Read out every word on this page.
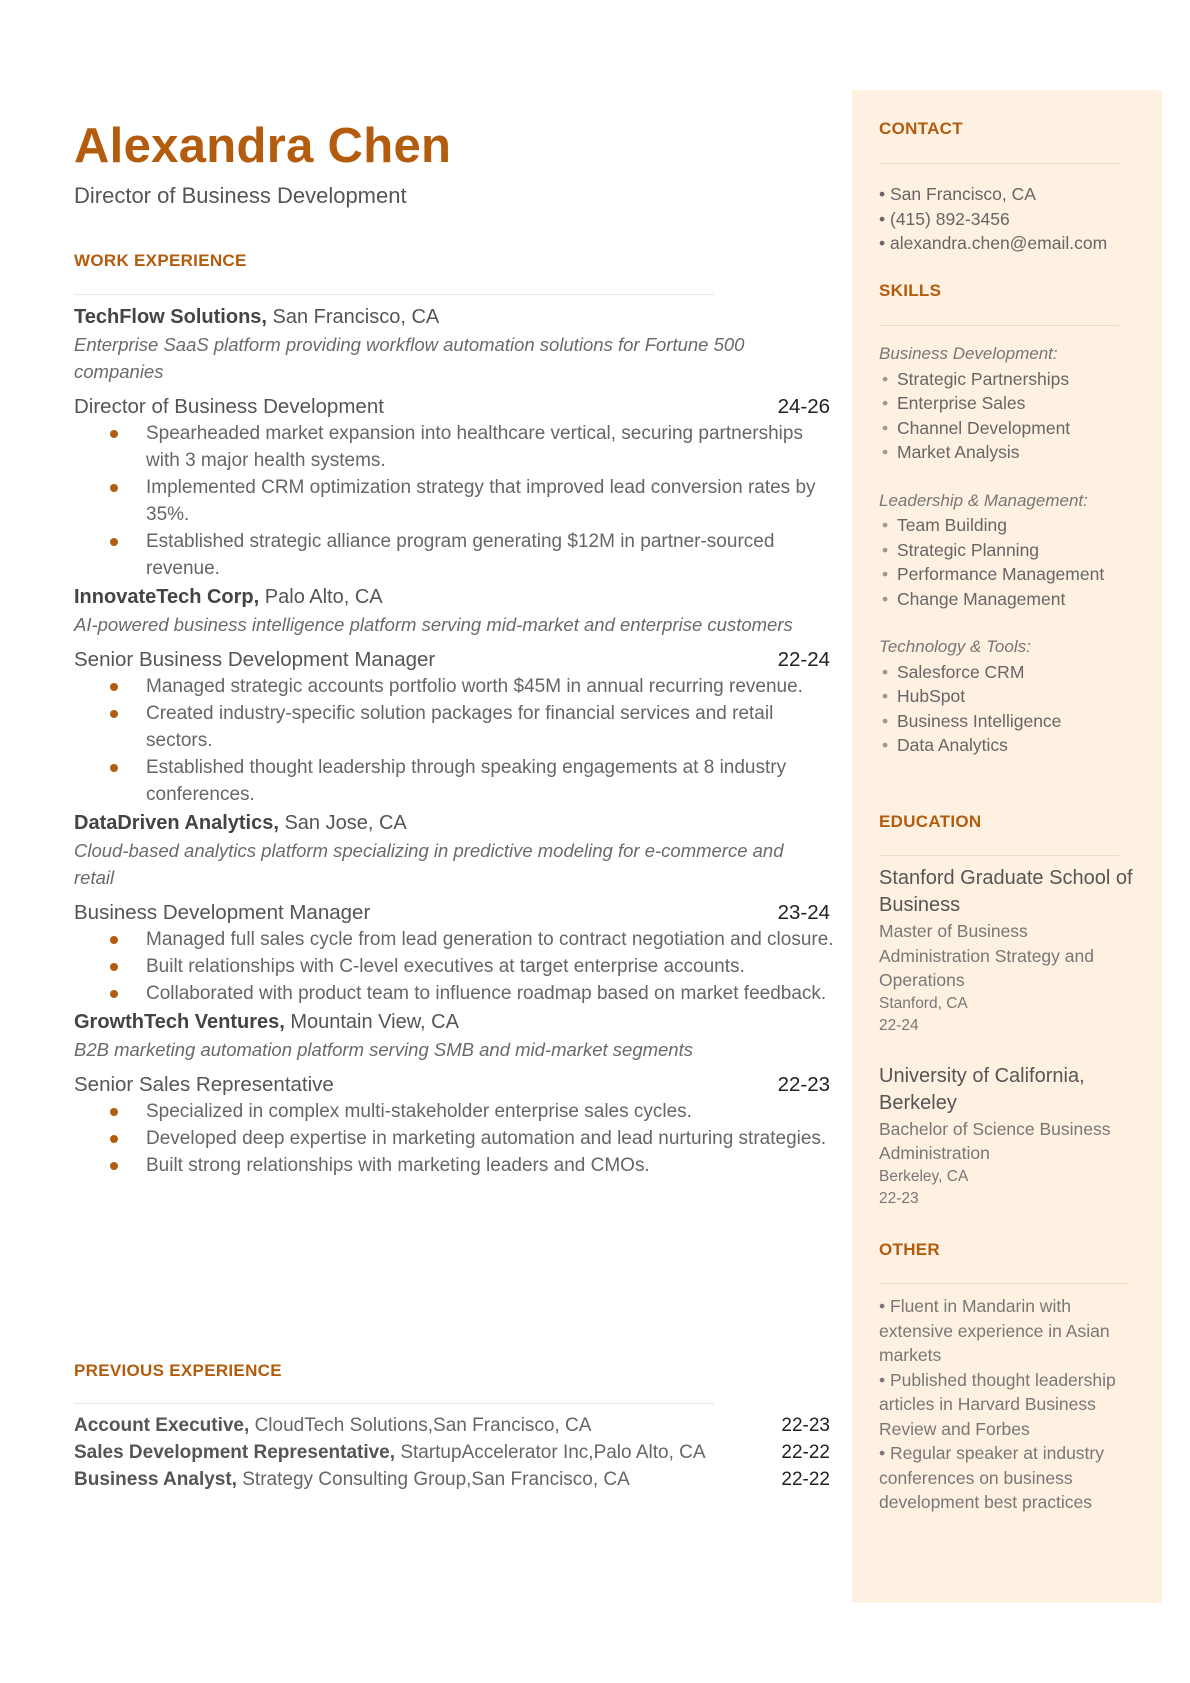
Alexandra Chen
Director of Business Development
WORK EXPERIENCE
TechFlow Solutions, San Francisco, CA
Enterprise SaaS platform providing workflow automation solutions for Fortune 500 companies
Director of Business Development	24-26
Spearheaded market expansion into healthcare vertical, securing partnerships with 3 major health systems.
Implemented CRM optimization strategy that improved lead conversion rates by 35%.
Established strategic alliance program generating $12M in partner-sourced revenue.
InnovateTech Corp, Palo Alto, CA
AI-powered business intelligence platform serving mid-market and enterprise customers
Senior Business Development Manager	22-24
Managed strategic accounts portfolio worth $45M in annual recurring revenue.
Created industry-specific solution packages for financial services and retail sectors.
Established thought leadership through speaking engagements at 8 industry conferences.
DataDriven Analytics, San Jose, CA
Cloud-based analytics platform specializing in predictive modeling for e-commerce and retail
Business Development Manager	23-24
Managed full sales cycle from lead generation to contract negotiation and closure.
Built relationships with C-level executives at target enterprise accounts.
Collaborated with product team to influence roadmap based on market feedback.
GrowthTech Ventures, Mountain View, CA
B2B marketing automation platform serving SMB and mid-market segments
Senior Sales Representative	22-23
Specialized in complex multi-stakeholder enterprise sales cycles.
Developed deep expertise in marketing automation and lead nurturing strategies.
Built strong relationships with marketing leaders and CMOs.
PREVIOUS EXPERIENCE
Account Executive, CloudTech Solutions,San Francisco, CA	22-23
Sales Development Representative, StartupAccelerator Inc,Palo Alto, CA	22-22
Business Analyst, Strategy Consulting Group,San Francisco, CA	22-22
CONTACT
• San Francisco, CA
• (415) 892-3456
• alexandra.chen@email.com
SKILLS
Business Development:
• Strategic Partnerships
• Enterprise Sales
• Channel Development
• Market Analysis
Leadership & Management:
• Team Building
• Strategic Planning
• Performance Management
• Change Management
Technology & Tools:
• Salesforce CRM
• HubSpot
• Business Intelligence
• Data Analytics
EDUCATION
Stanford Graduate School of Business
Master of Business Administration Strategy and Operations
Stanford, CA
22-24
University of California, Berkeley
Bachelor of Science Business Administration
Berkeley, CA
22-23
OTHER
• Fluent in Mandarin with extensive experience in Asian markets
• Published thought leadership articles in Harvard Business Review and Forbes
• Regular speaker at industry conferences on business development best practices
